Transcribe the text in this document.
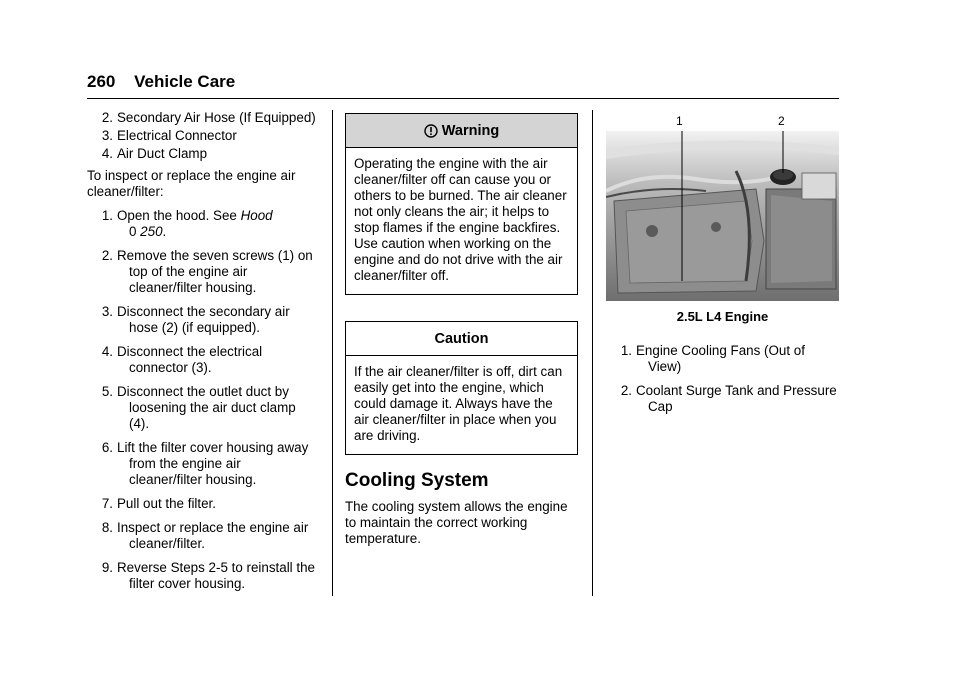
260 Vehicle Care
2. Secondary Air Hose (If Equipped)
3. Electrical Connector
4. Air Duct Clamp

To inspect or replace the engine air cleaner/filter:

1. Open the hood. See Hood
0 250.
2. Remove the seven screws (1) on top of the engine air cleaner/filter housing.
3. Disconnect the secondary air hose (2) (if equipped).
4. Disconnect the electrical connector (3).
5. Disconnect the outlet duct by loosening the air duct clamp (4).
6. Lift the filter cover housing away from the engine air cleaner/filter housing.
7. Pull out the filter.
8. Inspect or replace the engine air cleaner/filter.
9. Reverse Steps 2-5 to reinstall the filter cover housing.
Warning
Operating the engine with the air cleaner/filter off can cause you or others to be burned. The air cleaner not only cleans the air; it helps to stop flames if the engine backfires. Use caution when working on the engine and do not drive with the air cleaner/filter off.
Caution
If the air cleaner/filter is off, dirt can easily get into the engine, which could damage it. Always have the air cleaner/filter in place when you are driving.
Cooling System

The cooling system allows the engine to maintain the correct working temperature.

1	2
2.5L L4 Engine
1. Engine Cooling Fans (Out of View)
2. Coolant Surge Tank and Pressure Cap
